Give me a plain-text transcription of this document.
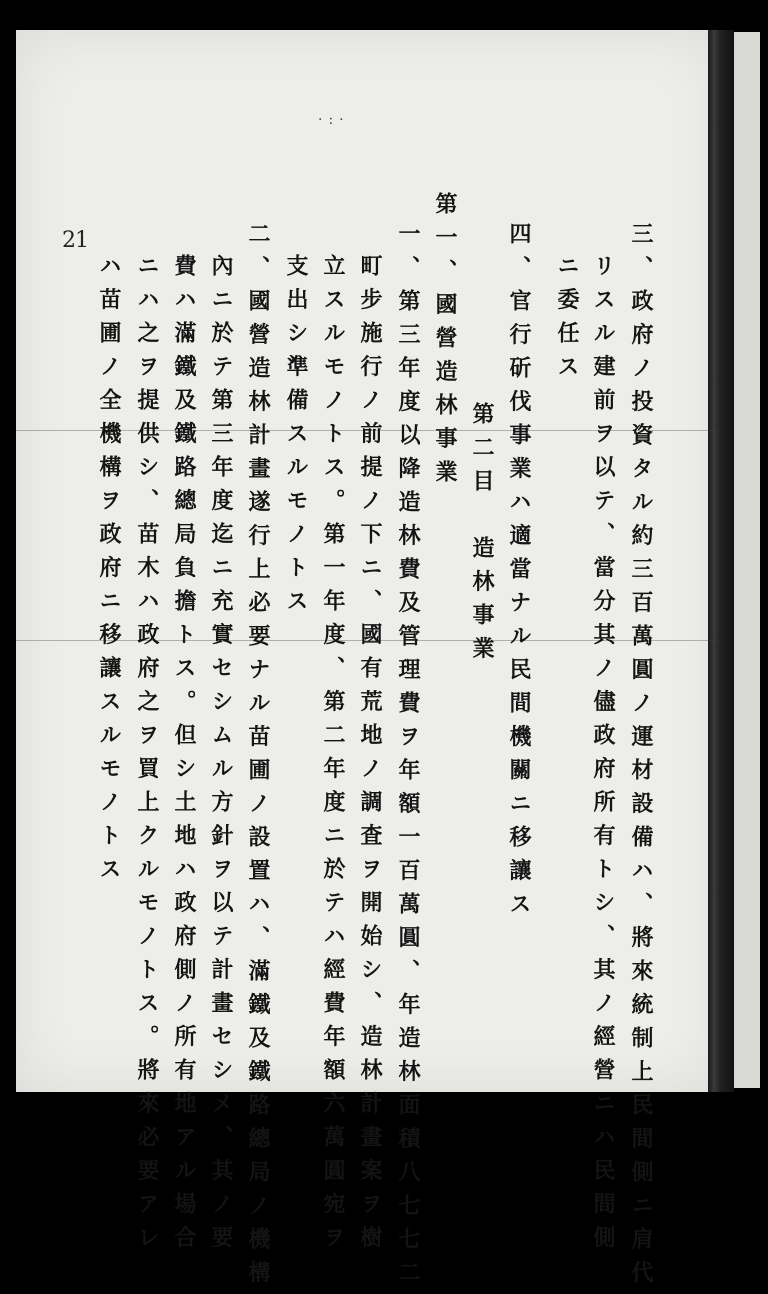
·:·
21	三、政府ノ投資タル約三百萬圓ノ運材設備ハ、將來統制上民間側ニ肩代
リスル建前ヲ以テ、當分其ノ儘政府所有トシ、其ノ經營ニハ民間側
ニ委任ス
四、官行斫伐事業ハ適當ナル民間機關ニ移讓ス
第二目　造林事業
第一、國營造林事業
一、第三年度以降造林費及管理費ヲ年額一百萬圓、年造林面積八七七二
町步施行ノ前提ノ下ニ、國有荒地ノ調査ヲ開始シ、造林計畫案ヲ樹
立スルモノトス。第一年度、第二年度ニ於テハ經費年額六萬圓宛ヲ
支出シ準備スルモノトス
二、國營造林計畫遂行上必要ナル苗圃ノ設置ハ、滿鐵及鐵路總局ノ機構
內ニ於テ第三年度迄ニ充實セシムル方針ヲ以テ計畫セシメ、其ノ要
費ハ滿鐵及鐵路總局負擔トス。但シ土地ハ政府側ノ所有地アル場合
ニハ之ヲ提供シ、苗木ハ政府之ヲ買上クルモノトス。將來必要アレ
ハ苗圃ノ全機構ヲ政府ニ移讓スルモノトス
